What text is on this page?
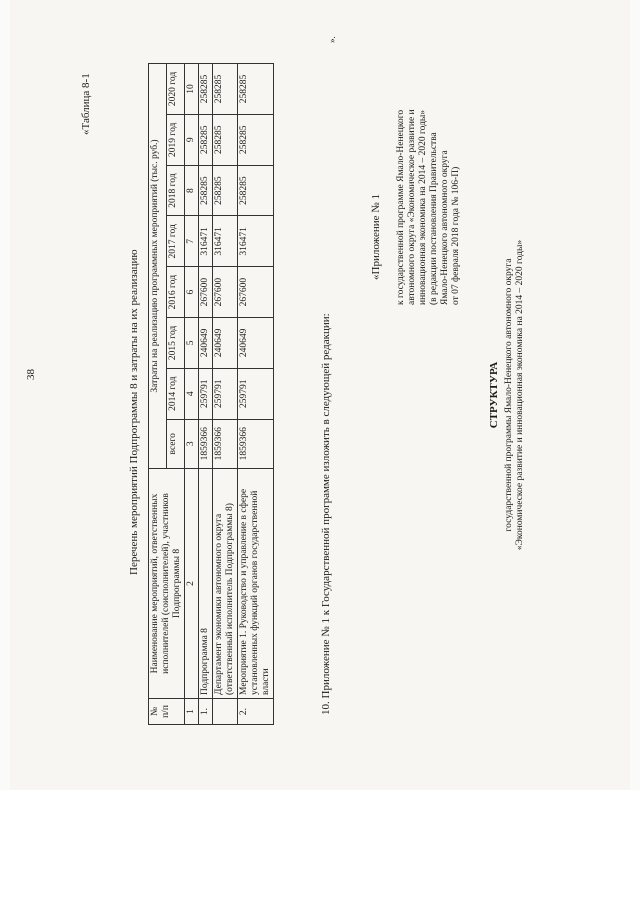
38
«Таблица 8-1
Перечень мероприятий Подпрограммы 8 и затраты на их реализацию
№ п/п	Наименование мероприятий, ответственных исполнителей (соисполнителей), участников Подпрограммы 8	Затраты на реализацию программных мероприятий (тыс. руб.)							
		всего	2014 год	2015 год	2016 год	2017 год	2018 год	2019 год	2020 год
1	2	3	4	5	6	7	8	9	10
1.	Подпрограмма 8	1859366	259791	240649	267600	316471	258285	258285	258285
	Департамент экономики автономного округа (ответственный исполнитель Подпрограммы 8)	1859366	259791	240649	267600	316471	258285	258285	258285
2.	Мероприятие 1. Руководство и управление в сфере установленных функций органов государственной власти	1859366	259791	240649	267600	316471	258285	258285	258285
».
10. Приложение № 1 к Государственной программе изложить в следующей редакции:
«Приложение № 1 к государственной программе Ямало-Ненецкого автономного округа «Экономическое развитие и инновационная экономика на 2014 – 2020 годы» (в редакции постановления Правительства Ямало-Ненецкого автономного округа от 07 февраля 2018 года № 106-П)
СТРУКТУРА государственной программы Ямало-Ненецкого автономного округа «Экономическое развитие и инновационная экономика на 2014 – 2020 годы»
